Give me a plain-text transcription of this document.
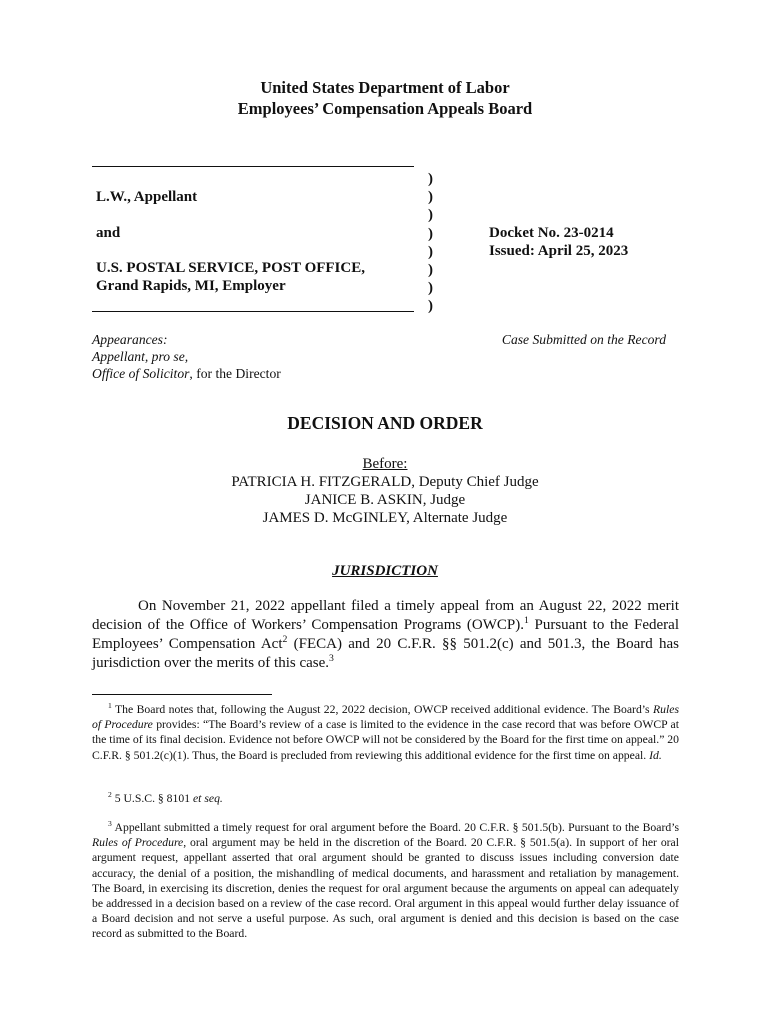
United States Department of Labor
Employees’ Compensation Appeals Board
L.W., Appellant
and
U.S. POSTAL SERVICE, POST OFFICE,
Grand Rapids, MI, Employer
)
)
)
)
)
)
)
)
Docket No. 23-0214
Issued: April 25, 2023
Appearances:
Appellant, pro se,
Office of Solicitor, for the Director
Case Submitted on the Record
DECISION AND ORDER
Before:
PATRICIA H. FITZGERALD, Deputy Chief Judge
JANICE B. ASKIN, Judge
JAMES D. McGINLEY, Alternate Judge
JURISDICTION
On November 21, 2022 appellant filed a timely appeal from an August 22, 2022 merit decision of the Office of Workers’ Compensation Programs (OWCP).$^1$ Pursuant to the Federal Employees’ Compensation Act$^2$ (FECA) and 20 C.F.R. §§ 501.2(c) and 501.3, the Board has jurisdiction over the merits of this case.$^3$
$^1$ The Board notes that, following the August 22, 2022 decision, OWCP received additional evidence. The Board’s Rules of Procedure provides: “The Board’s review of a case is limited to the evidence in the case record that was before OWCP at the time of its final decision. Evidence not before OWCP will not be considered by the Board for the first time on appeal.” 20 C.F.R. § 501.2(c)(1). Thus, the Board is precluded from reviewing this additional evidence for the first time on appeal. Id.
$^2$ 5 U.S.C. § 8101 et seq.
$^3$ Appellant submitted a timely request for oral argument before the Board. 20 C.F.R. § 501.5(b). Pursuant to the Board’s Rules of Procedure, oral argument may be held in the discretion of the Board. 20 C.F.R. § 501.5(a). In support of her oral argument request, appellant asserted that oral argument should be granted to discuss issues including conversion date accuracy, the denial of a position, the mishandling of medical documents, and harassment and retaliation by management. The Board, in exercising its discretion, denies the request for oral argument because the arguments on appeal can adequately be addressed in a decision based on a review of the case record. Oral argument in this appeal would further delay issuance of a Board decision and not serve a useful purpose. As such, oral argument is denied and this decision is based on the case record as submitted to the Board.
